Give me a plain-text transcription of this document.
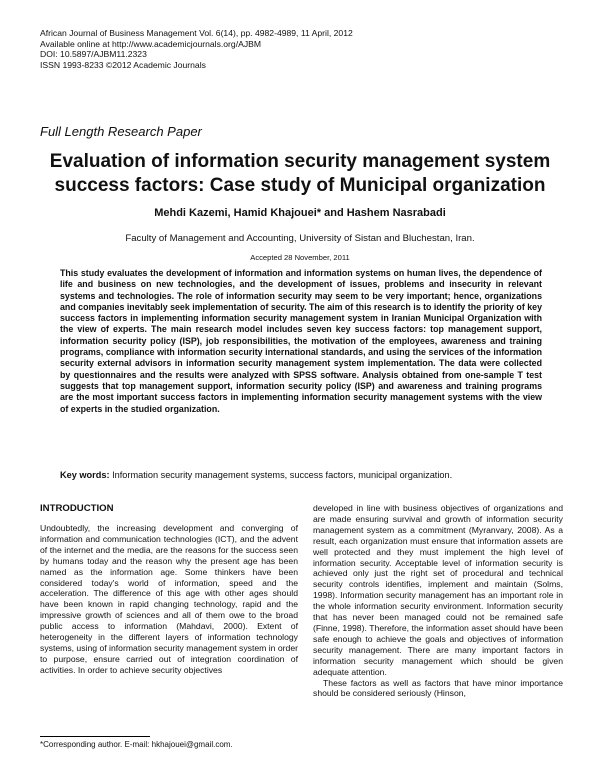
African Journal of Business Management Vol. 6(14), pp. 4982-4989, 11 April, 2012
Available online at http://www.academicjournals.org/AJBM
DOI: 10.5897/AJBM11.2323
ISSN 1993-8233 ©2012 Academic Journals
Full Length Research Paper
Evaluation of information security management system
success factors: Case study of Municipal organization
Mehdi Kazemi, Hamid Khajouei* and Hashem Nasrabadi
Faculty of Management and Accounting, University of Sistan and Bluchestan, Iran.
Accepted 28 November, 2011

This study evaluates the development of information and information systems on human lives, the dependence of life and business on new technologies, and the development of issues, problems and insecurity in relevant systems and technologies. The role of information security may seem to be very important; hence, organizations and companies inevitably seek implementation of security. The aim of this research is to identify the priority of key success factors in implementing information security management system in Iranian Municipal Organization with the view of experts. The main research model includes seven key success factors: top management support, information security policy (ISP), job responsibilities, the motivation of the employees, awareness and training programs, compliance with information security international standards, and using the services of the information security external advisors in information security management system implementation. The data were collected by questionnaires and the results were analyzed with SPSS software. Analysis obtained from one-sample T test suggests that top management support, information security policy (ISP) and awareness and training programs are the most important success factors in implementing information security management systems with the view of experts in the studied organization.

Key words: Information security management systems, success factors, municipal organization.
INTRODUCTION

Undoubtedly, the increasing development and converging of information and communication technologies (ICT), and the advent of the internet and the media, are the reasons for the success seen by humans today and the reason why the present age has been named as the information age. Some thinkers have been considered today's world of information, speed and the acceleration. The difference of this age with other ages should have been known in rapid changing technology, rapid and the impressive growth of sciences and all of them owe to the broad public access to information (Mahdavi, 2000). Extent of heterogeneity in the different layers of information technology systems, using of information security management system in order to purpose, ensure carried out of integration coordination of activities. In order to achieve security objectives

developed in line with business objectives of organizations and are made ensuring survival and growth of information security management system as a commitment (Myranvary, 2008). As a result, each organization must ensure that information assets are well protected and they must implement the high level of information security. Acceptable level of information security is achieved only just the right set of procedural and technical security controls identifies, implement and maintain (Solms, 1998). Information security management has an important role in the whole information security environment. Information security that has never been managed could not be remained safe (Finne, 1998). Therefore, the information asset should have been safe enough to achieve the goals and objectives of information security management. There are many important factors in information security management which should be given adequate attention.

These factors as well as factors that have minor importance should be considered seriously (Hinson,

*Corresponding author. E-mail: hkhajouei@gmail.com.
